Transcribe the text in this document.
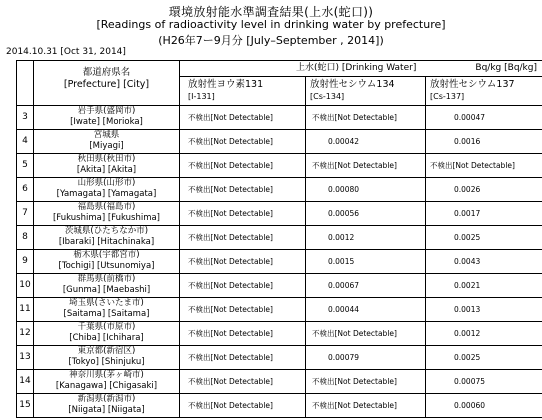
環境放射能水準調査結果(上水(蛇口))
[Readings of radioactivity level in drinking water by prefecture]
(H26年7ー9月分 [July–September , 2014])
2014.10.31 [Oct 31, 2014]
都道府県名
[Prefecture] [City]
上水(蛇口) [Drinking Water]	Bq/kg [Bq/kg]
放射性ヨウ素131
[I-131]
放射性セシウム134
[Cs-134]
放射性セシウム137
[Cs-137]
3
岩手県(盛岡市)
[Iwate] [Morioka]	不検出[Not Detectable]	不検出[Not Detectable]	0.00047
4
宮城県
[Miyagi]	不検出[Not Detectable]	0.00042	0.0016
5
秋田県(秋田市)
[Akita] [Akita]	不検出[Not Detectable]	不検出[Not Detectable]	不検出[Not Detectable]
6
山形県(山形市)
[Yamagata] [Yamagata]	不検出[Not Detectable]	0.00080	0.0026
7
福島県(福島市)
[Fukushima] [Fukushima]	不検出[Not Detectable]	0.00056	0.0017
8
茨城県(ひたちなか市)
[Ibaraki] [Hitachinaka]	不検出[Not Detectable]	0.0012	0.0025
9
栃木県(宇都宮市)
[Tochigi] [Utsunomiya]	不検出[Not Detectable]	0.0015	0.0043
10
群馬県(前橋市)
[Gunma] [Maebashi]	不検出[Not Detectable]	0.00067	0.0021
11
埼玉県(さいたま市)
[Saitama] [Saitama]	不検出[Not Detectable]	0.00044	0.0013
12
千葉県(市原市)
[Chiba] [Ichihara]	不検出[Not Detectable]	不検出[Not Detectable]	0.0012
13
東京都(新宿区)
[Tokyo] [Shinjuku]	不検出[Not Detectable]	0.00079	0.0025
14
神奈川県(茅ヶ崎市)
[Kanagawa] [Chigasaki]	不検出[Not Detectable]	不検出[Not Detectable]	0.00075
15
新潟県(新潟市)
[Niigata] [Niigata]	不検出[Not Detectable]	不検出[Not Detectable]	0.00060
